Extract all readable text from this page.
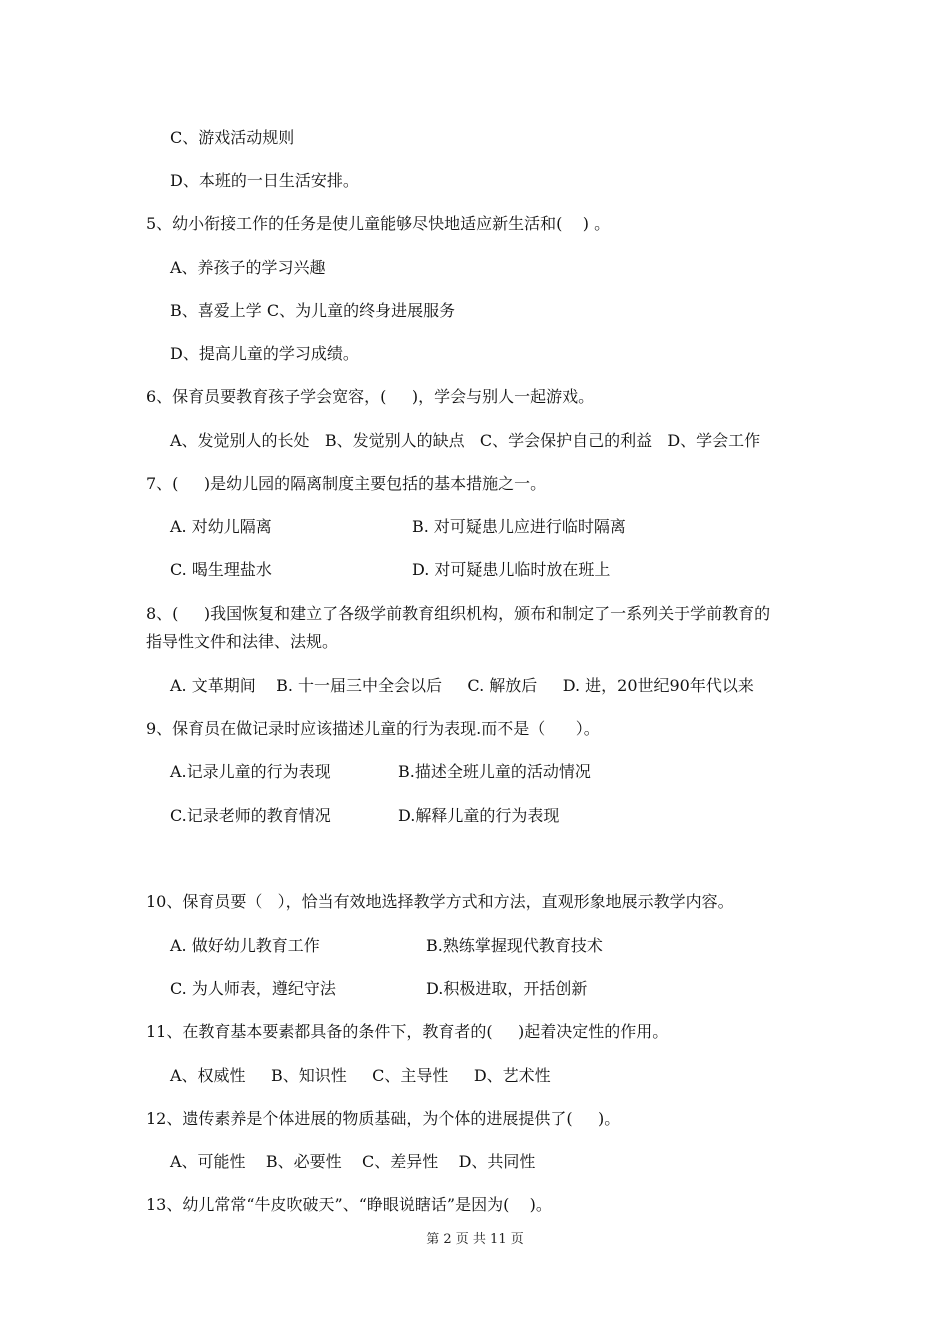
C、游戏活动规则
D、本班的一日生活安排。
5、幼小衔接工作的任务是使儿童能够尽快地适应新生活和(    ) 。
A、养孩子的学习兴趣
B、喜爱上学 C、为儿童的终身进展服务
D、提高儿童的学习成绩。
6、保育员要教育孩子学会宽容，(     )，学会与别人一起游戏。
A、发觉别人的长处   B、发觉别人的缺点   C、学会保护自己的利益   D、学会工作
7、(     )是幼儿园的隔离制度主要包括的基本措施之一。
A. 对幼儿隔离	B. 对可疑患儿应进行临时隔离
C. 喝生理盐水	D. 对可疑患儿临时放在班上
8、(     )我国恢复和建立了各级学前教育组织机构，颁布和制定了一系列关于学前教育的
指导性文件和法律、法规。
A. 文革期间    B. 十一届三中全会以后     C. 解放后     D. 进，20世纪90年代以来
9、保育员在做记录时应该描述儿童的行为表现.而不是（      ）。
A.记录儿童的行为表现	B.描述全班儿童的活动情况
C.记录老师的教育情况	D.解释儿童的行为表现
10、保育员要（   ），恰当有效地选择教学方式和方法，直观形象地展示教学内容。
A. 做好幼儿教育工作	B.熟练掌握现代教育技术
C. 为人师表，遵纪守法	D.积极进取，开括创新
11、在教育基本要素都具备的条件下，教育者的(     )起着决定性的作用。
A、权威性     B、知识性     C、主导性     D、艺术性
12、遗传素养是个体进展的物质基础，为个体的进展提供了(     )。
A、可能性    B、必要性    C、差异性    D、共同性
13、幼儿常常“牛皮吹破天”、“睁眼说瞎话”是因为(    )。
第 2 页 共 11 页
